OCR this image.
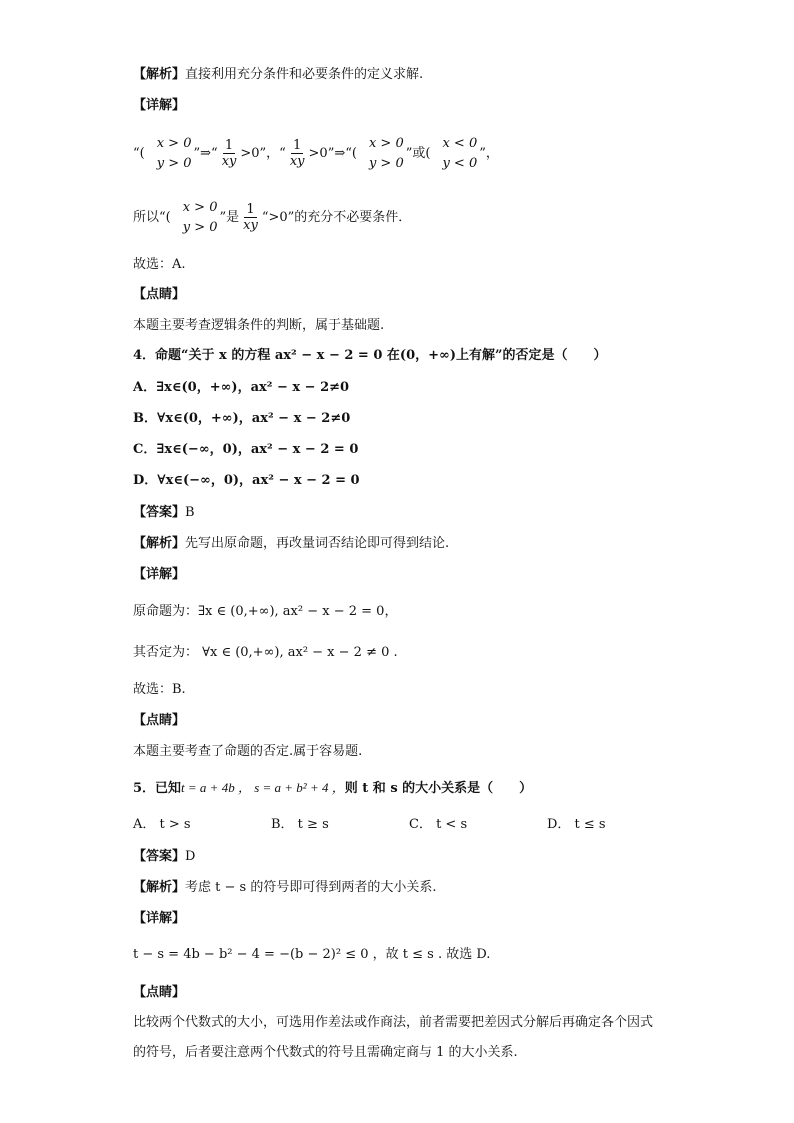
【解析】直接利用充分条件和必要条件的定义求解.
【详解】
“(
x > 0
y > 0
”⇒“ $\frac{1}{xy} >0$”，“ $\frac{1}{xy}$ >0”⇒“(
x > 0
y > 0
”或(
x < 0
y < 0
”，
所以“(
x > 0
y > 0
”是 $\frac{1}{xy}$ “>0”的充分不必要条件．
故选：A.
【点睛】
本题主要考查逻辑条件的判断，属于基础题.
4．命题“关于 x 的方程 ax² − x − 2 = 0 在(0，+∞)上有解”的否定是（　　）
A．∃x∈(0，+∞)，ax² − x − 2≠0
B．∀x∈(0，+∞)，ax² − x − 2≠0
C．∃x∈(−∞，0)，ax² − x − 2 = 0
D．∀x∈(−∞，0)，ax² − x − 2 = 0
【答案】B
【解析】先写出原命题，再改量词否结论即可得到结论.
【详解】
原命题为：∃x ∈ (0,+∞), ax² − x − 2 = 0，
其否定为： ∀x ∈ (0,+∞), ax² − x − 2 ≠ 0 .
故选：B.
【点睛】
本题主要考查了命题的否定.属于容易题.
5．已知t = a + 4b ， s = a + b² + 4 ，则 t 和 s 的大小关系是（　　）
A． t > s	B． t ≥ s	C． t < s	D． t ≤ s
【答案】D
【解析】考虑 t − s 的符号即可得到两者的大小关系.
【详解】
t − s = 4b − b² − 4 = −(b − 2)² ≤ 0 ，故 t ≤ s . 故选 D.
【点睛】
比较两个代数式的大小，可选用作差法或作商法，前者需要把差因式分解后再确定各个因式的符号，后者要注意两个代数式的符号且需确定商与 1 的大小关系.
